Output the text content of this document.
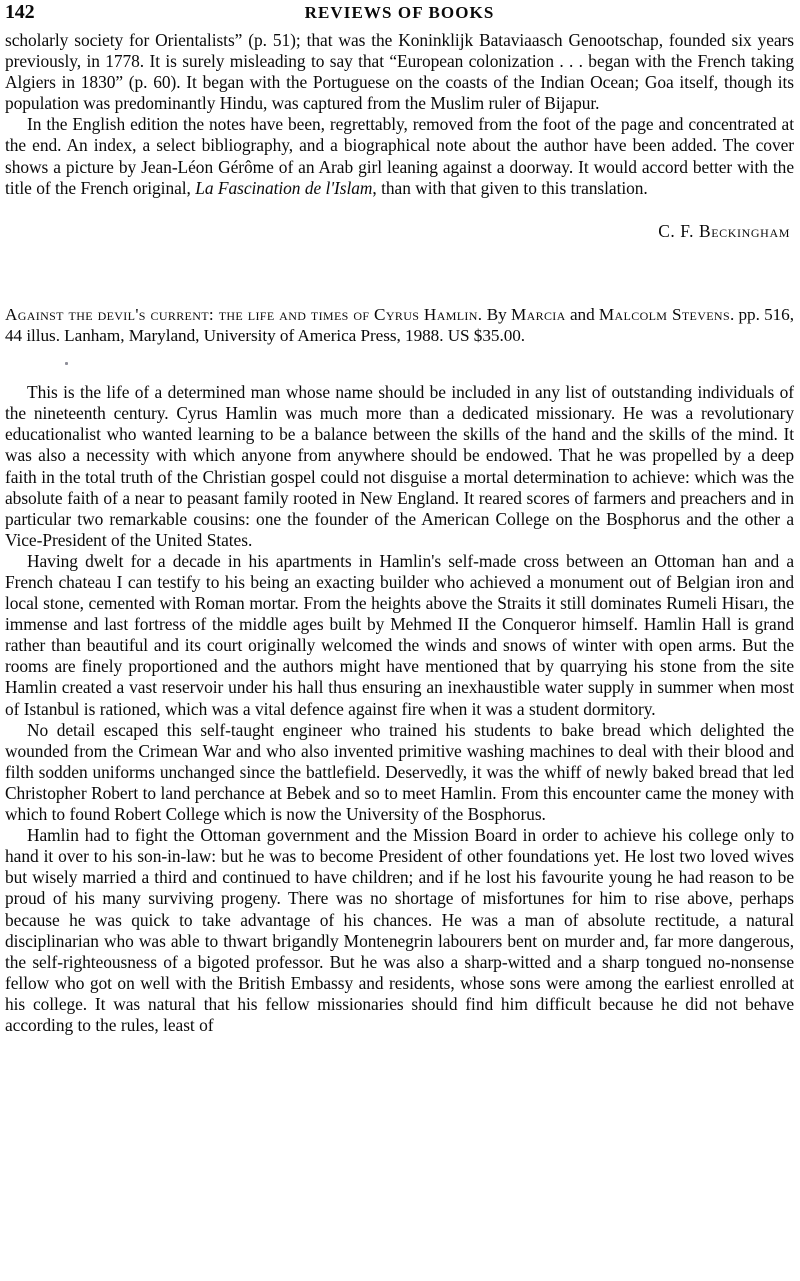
142	REVIEWS OF BOOKS

scholarly society for Orientalists” (p. 51); that was the Koninklijk Bataviaasch Genootschap, founded six years previously, in 1778. It is surely misleading to say that “European colonization . . . began with the French taking Algiers in 1830” (p. 60). It began with the Portuguese on the coasts of the Indian Ocean; Goa itself, though its population was predominantly Hindu, was captured from the Muslim ruler of Bijapur.

In the English edition the notes have been, regrettably, removed from the foot of the page and concentrated at the end. An index, a select bibliography, and a biographical note about the author have been added. The cover shows a picture by Jean-Léon Gérôme of an Arab girl leaning against a doorway. It would accord better with the title of the French original, La Fascination de l'Islam, than with that given to this translation.

C. F. Beckingham

Against the devil's current: the life and times of Cyrus Hamlin. By Marcia and Malcolm Stevens. pp. 516, 44 illus. Lanham, Maryland, University of America Press, 1988. US $35.00.

This is the life of a determined man whose name should be included in any list of outstanding individuals of the nineteenth century. Cyrus Hamlin was much more than a dedicated missionary. He was a revolutionary educationalist who wanted learning to be a balance between the skills of the hand and the skills of the mind. It was also a necessity with which anyone from anywhere should be endowed. That he was propelled by a deep faith in the total truth of the Christian gospel could not disguise a mortal determination to achieve: which was the absolute faith of a near to peasant family rooted in New England. It reared scores of farmers and preachers and in particular two remarkable cousins: one the founder of the American College on the Bosphorus and the other a Vice-President of the United States.

Having dwelt for a decade in his apartments in Hamlin's self-made cross between an Ottoman han and a French chateau I can testify to his being an exacting builder who achieved a monument out of Belgian iron and local stone, cemented with Roman mortar. From the heights above the Straits it still dominates Rumeli Hisarı, the immense and last fortress of the middle ages built by Mehmed II the Conqueror himself. Hamlin Hall is grand rather than beautiful and its court originally welcomed the winds and snows of winter with open arms. But the rooms are finely proportioned and the authors might have mentioned that by quarrying his stone from the site Hamlin created a vast reservoir under his hall thus ensuring an inexhaustible water supply in summer when most of Istanbul is rationed, which was a vital defence against fire when it was a student dormitory.

No detail escaped this self-taught engineer who trained his students to bake bread which delighted the wounded from the Crimean War and who also invented primitive washing machines to deal with their blood and filth sodden uniforms unchanged since the battlefield. Deservedly, it was the whiff of newly baked bread that led Christopher Robert to land perchance at Bebek and so to meet Hamlin. From this encounter came the money with which to found Robert College which is now the University of the Bosphorus.

Hamlin had to fight the Ottoman government and the Mission Board in order to achieve his college only to hand it over to his son-in-law: but he was to become President of other foundations yet. He lost two loved wives but wisely married a third and continued to have children; and if he lost his favourite young he had reason to be proud of his many surviving progeny. There was no shortage of misfortunes for him to rise above, perhaps because he was quick to take advantage of his chances. He was a man of absolute rectitude, a natural disciplinarian who was able to thwart brigandly Montenegrin labourers bent on murder and, far more dangerous, the self-righteousness of a bigoted professor. But he was also a sharp-witted and a sharp tongued no-nonsense fellow who got on well with the British Embassy and residents, whose sons were among the earliest enrolled at his college. It was natural that his fellow missionaries should find him difficult because he did not behave according to the rules, least of
